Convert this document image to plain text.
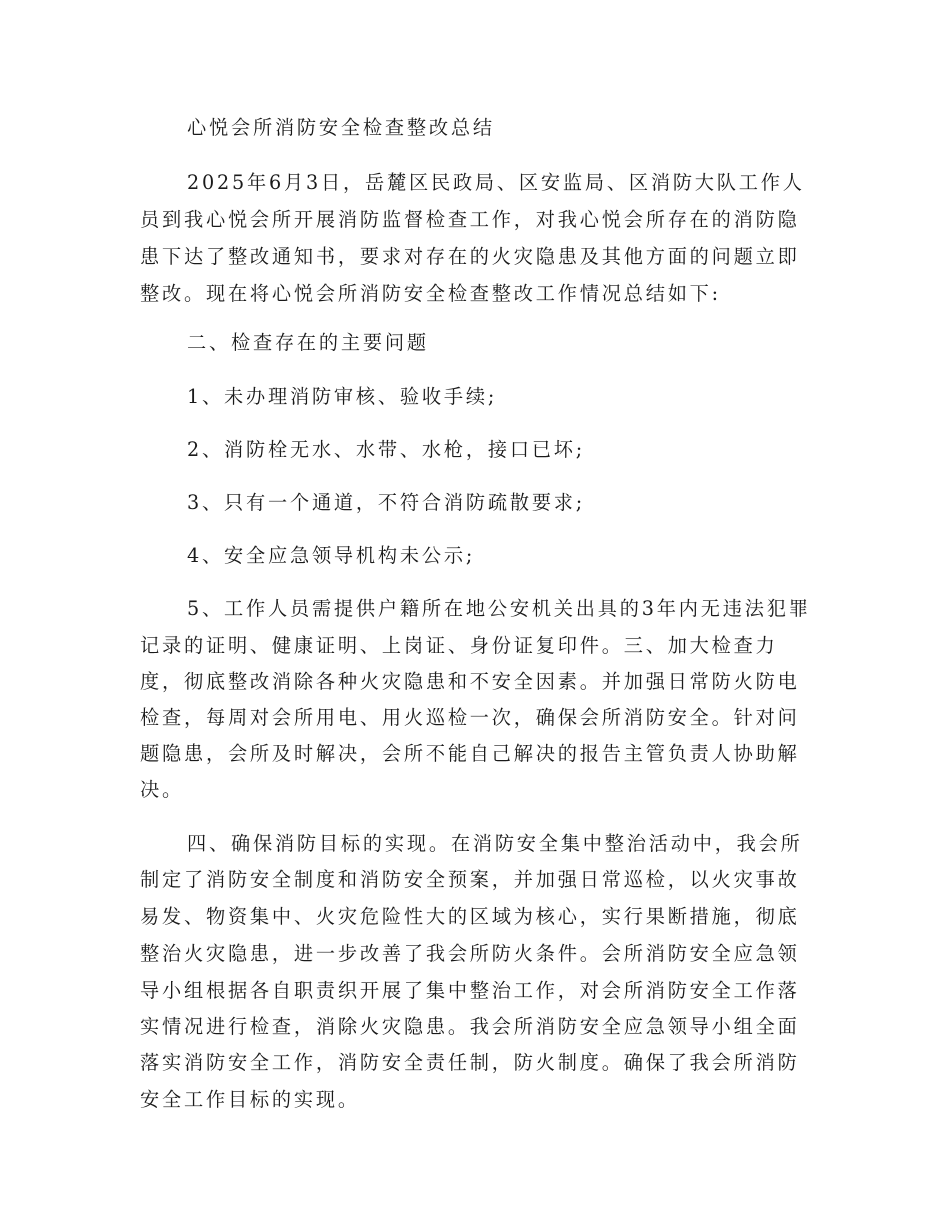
心悦会所消防安全检查整改总结
2025年6月3日，岳麓区民政局、区安监局、区消防大队工作人
员到我心悦会所开展消防监督检查工作，对我心悦会所存在的消防隐
患下达了整改通知书，要求对存在的火灾隐患及其他方面的问题立即
整改。现在将心悦会所消防安全检查整改工作情况总结如下:
二、检查存在的主要问题
1、未办理消防审核、验收手续;
2、消防栓无水、水带、水枪，接口已坏;
3、只有一个通道，不符合消防疏散要求;
4、安全应急领导机构未公示;
5、工作人员需提供户籍所在地公安机关出具的3年内无违法犯罪
记录的证明、健康证明、上岗证、身份证复印件。三、加大检查力
度，彻底整改消除各种火灾隐患和不安全因素。并加强日常防火防电
检查，每周对会所用电、用火巡检一次，确保会所消防安全。针对问
题隐患，会所及时解决，会所不能自己解决的报告主管负责人协助解
决。
四、确保消防目标的实现。在消防安全集中整治活动中，我会所
制定了消防安全制度和消防安全预案，并加强日常巡检，以火灾事故
易发、物资集中、火灾危险性大的区域为核心，实行果断措施，彻底
整治火灾隐患，进一步改善了我会所防火条件。会所消防安全应急领
导小组根据各自职责织开展了集中整治工作，对会所消防安全工作落
实情况进行检查，消除火灾隐患。我会所消防安全应急领导小组全面
落实消防安全工作，消防安全责任制，防火制度。确保了我会所消防
安全工作目标的实现。
